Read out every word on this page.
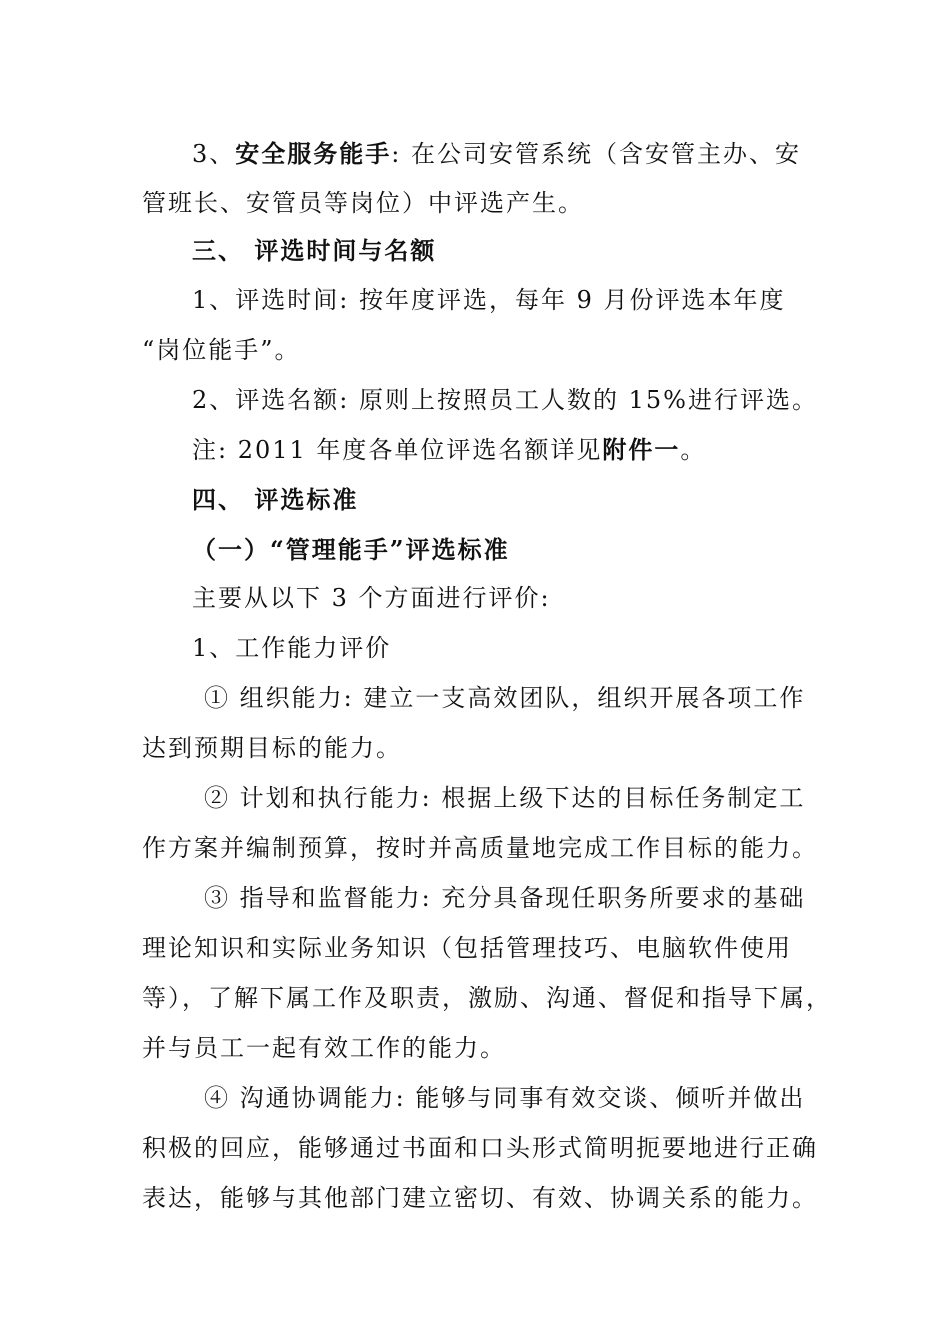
3、安全服务能手: 在公司安管系统（含安管主办、安
管班长、安管员等岗位）中评选产生。
三、 评选时间与名额
1、评选时间: 按年度评选，每年 9 月份评选本年度
“岗位能手”。
2、评选名额: 原则上按照员工人数的 15%进行评选。
注: 2011 年度各单位评选名额详见附件一。
四、 评选标准
（一）“管理能手”评选标准
主要从以下 3 个方面进行评价:
1、工作能力评价
① 组织能力: 建立一支高效团队，组织开展各项工作
达到预期目标的能力。
② 计划和执行能力: 根据上级下达的目标任务制定工
作方案并编制预算，按时并高质量地完成工作目标的能力。
③ 指导和监督能力: 充分具备现任职务所要求的基础
理论知识和实际业务知识（包括管理技巧、电脑软件使用
等），了解下属工作及职责，激励、沟通、督促和指导下属，
并与员工一起有效工作的能力。
④ 沟通协调能力: 能够与同事有效交谈、倾听并做出
积极的回应，能够通过书面和口头形式简明扼要地进行正确
表达，能够与其他部门建立密切、有效、协调关系的能力。
